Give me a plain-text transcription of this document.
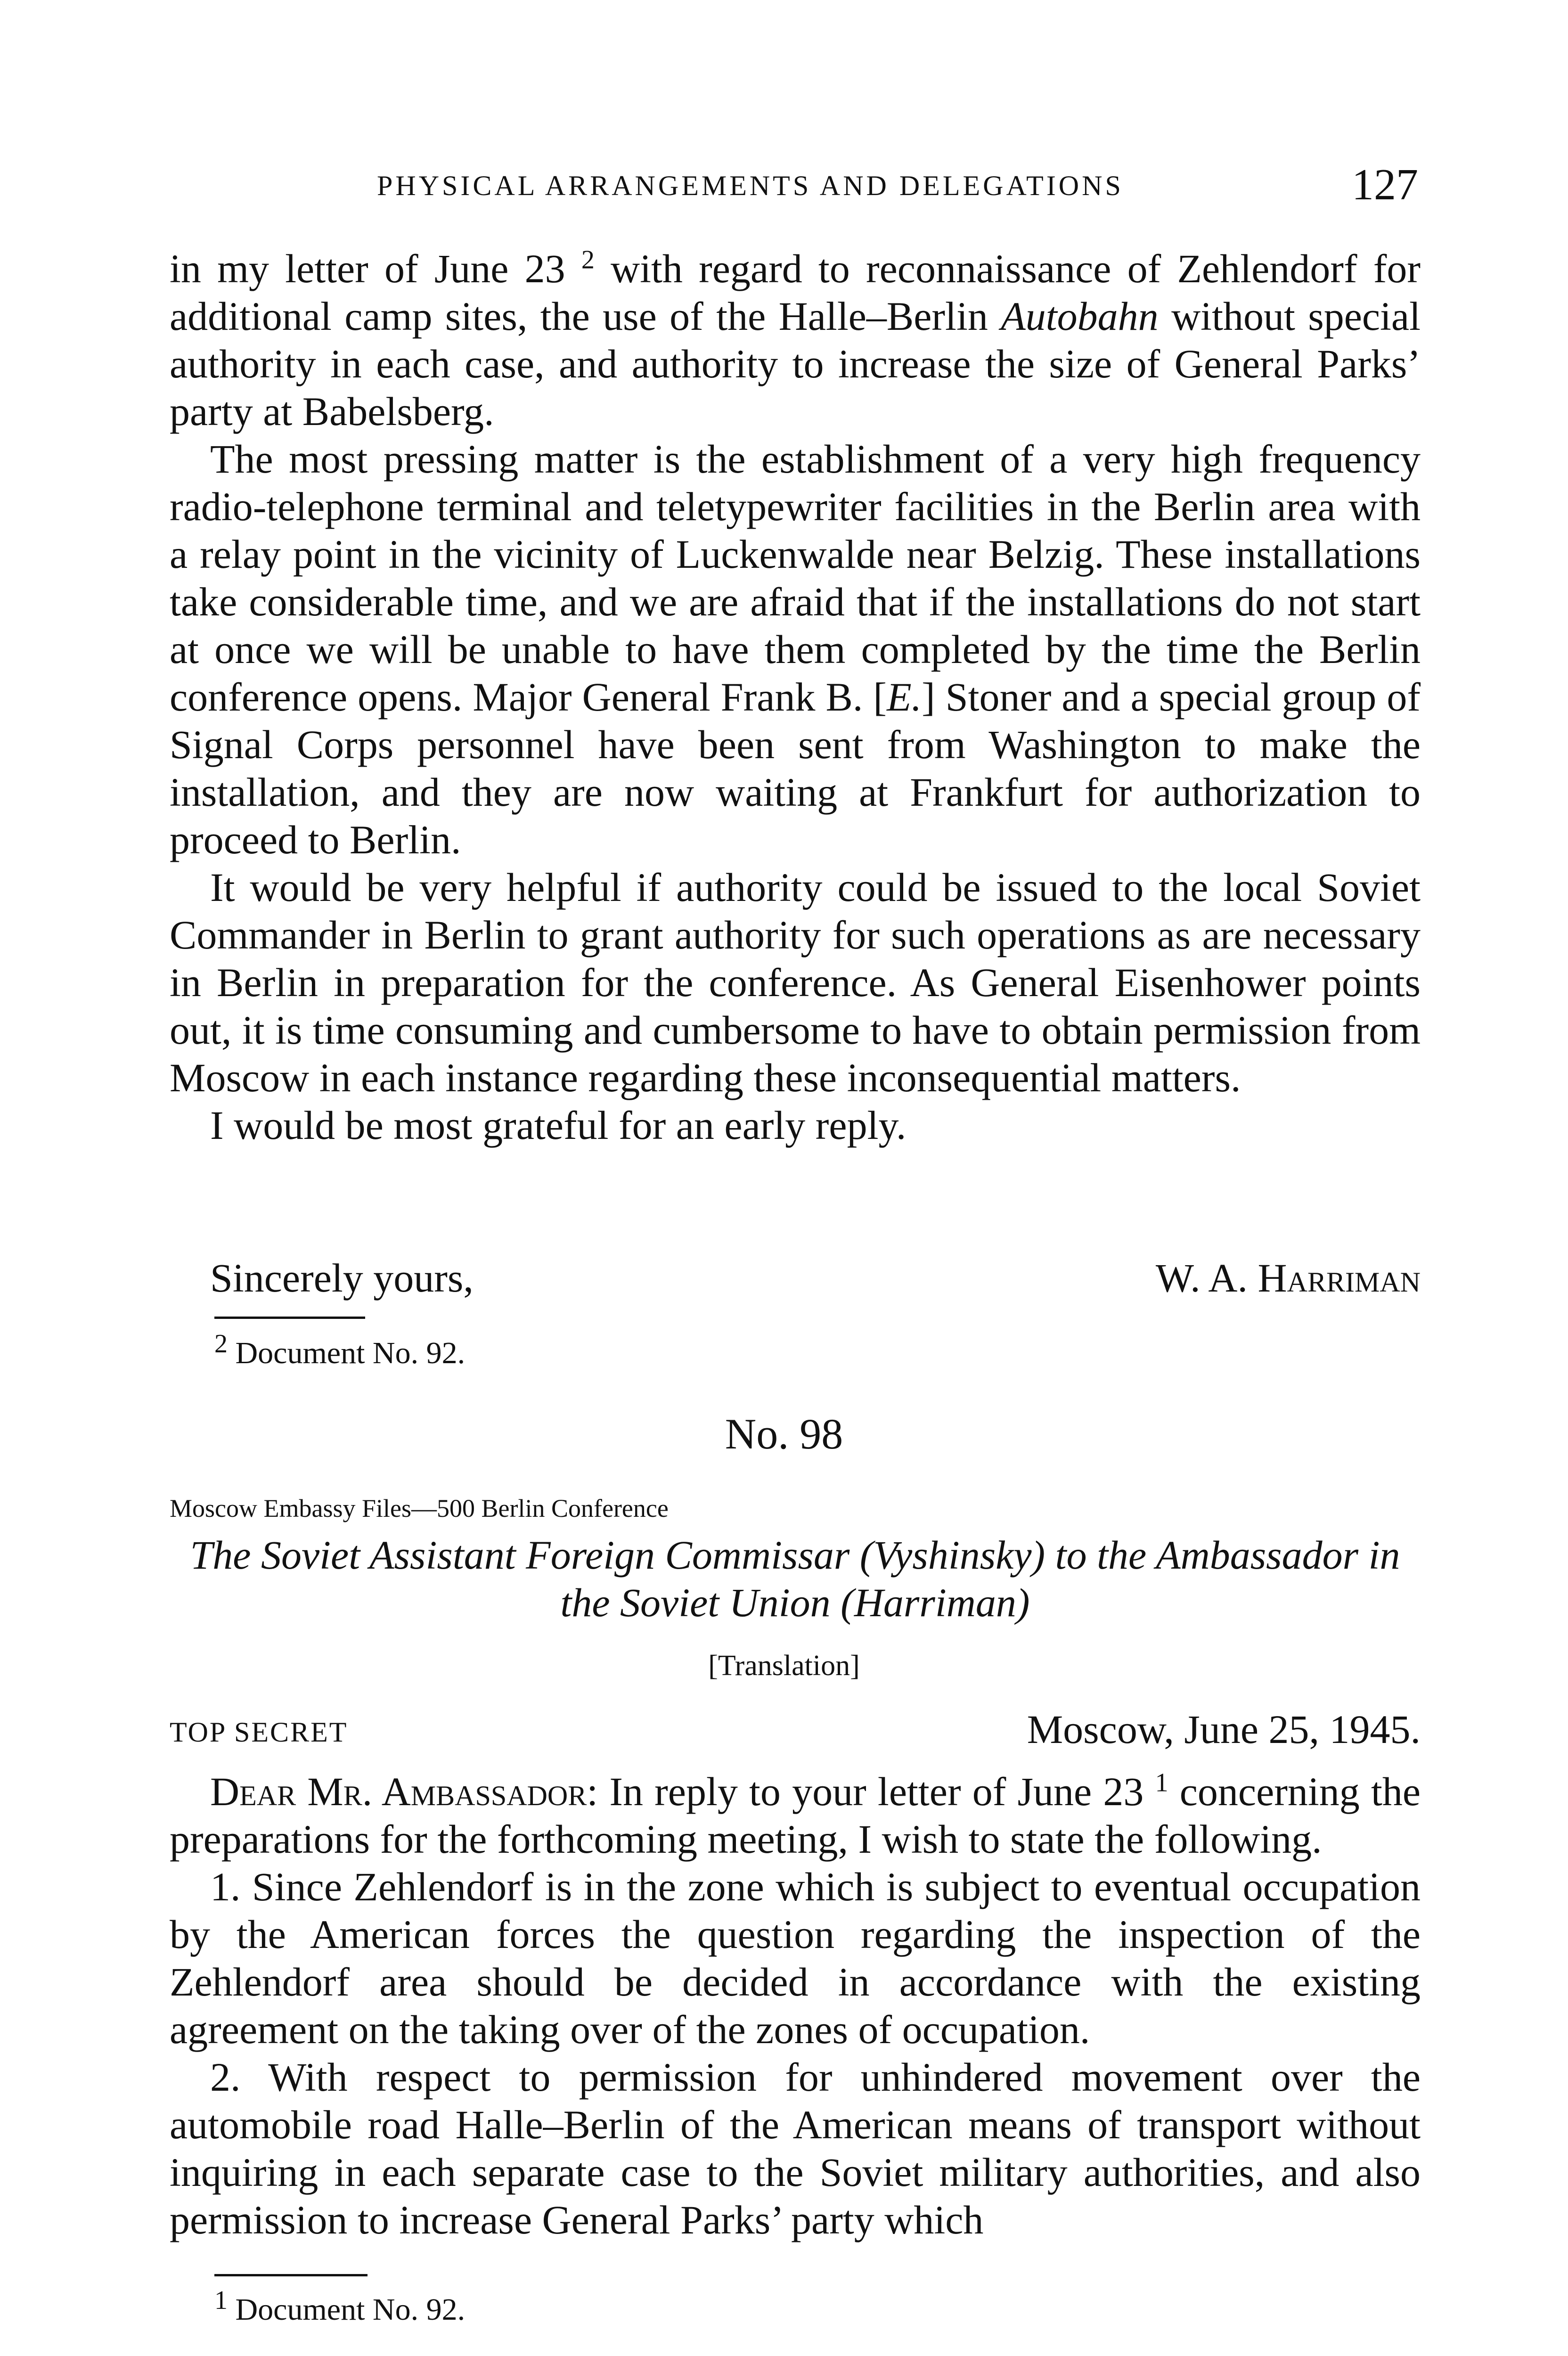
PHYSICAL ARRANGEMENTS AND DELEGATIONS	127

in my letter of June 23 $^2$ with regard to reconnaissance of Zehlendorf for additional camp sites, the use of the Halle–Berlin Autobahn without special authority in each case, and authority to increase the size of General Parks’ party at Babelsberg.

The most pressing matter is the establishment of a very high frequency radio-telephone terminal and teletypewriter facilities in the Berlin area with a relay point in the vicinity of Luckenwalde near Belzig. These installations take considerable time, and we are afraid that if the installations do not start at once we will be unable to have them completed by the time the Berlin conference opens. Major General Frank B. [E.] Stoner and a special group of Signal Corps personnel have been sent from Washington to make the installation, and they are now waiting at Frankfurt for authorization to proceed to Berlin.

It would be very helpful if authority could be issued to the local Soviet Commander in Berlin to grant authority for such operations as are necessary in Berlin in preparation for the conference. As General Eisenhower points out, it is time consuming and cumbersome to have to obtain permission from Moscow in each instance regarding these inconsequential matters.

I would be most grateful for an early reply.

Sincerely yours,	W. A. Harriman
$^2$ Document No. 92.
No. 98
Moscow Embassy Files—500 Berlin Conference
The Soviet Assistant Foreign Commissar (Vyshinsky) to the Ambassador in the Soviet Union (Harriman)
[Translation]
TOP SECRET	Moscow, June 25, 1945.

Dear Mr. Ambassador: In reply to your letter of June 23 $^1$ concerning the preparations for the forthcoming meeting, I wish to state the following.

1. Since Zehlendorf is in the zone which is subject to eventual occupation by the American forces the question regarding the inspection of the Zehlendorf area should be decided in accordance with the existing agreement on the taking over of the zones of occupation.

2. With respect to permission for unhindered movement over the automobile road Halle–Berlin of the American means of transport without inquiring in each separate case to the Soviet military authorities, and also permission to increase General Parks’ party which

$^1$ Document No. 92.
